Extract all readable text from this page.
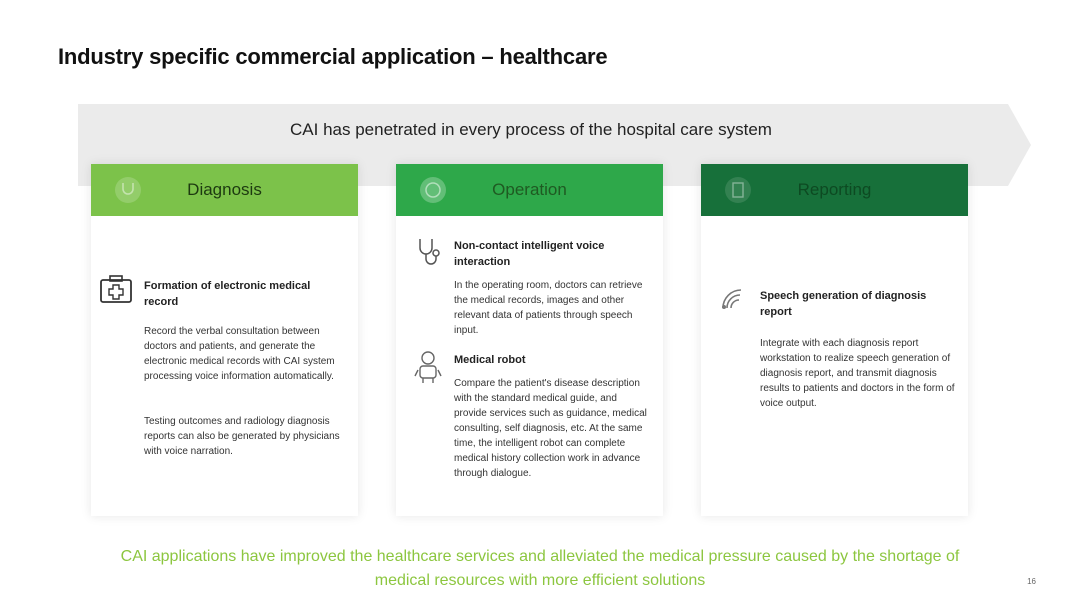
Industry specific commercial application – healthcare
CAI has penetrated in every process of the hospital care system
Diagnosis
Formation of electronic medical record
Record the verbal consultation between doctors and patients, and generate the electronic medical records with CAI system processing voice information automatically.
Testing outcomes and radiology diagnosis reports can also be generated by physicians with voice narration.
Operation
Non-contact intelligent voice interaction
In the operating room, doctors can retrieve the medical records, images and other relevant data of patients through speech input.
Medical robot
Compare the patient's disease description with the standard medical guide, and provide services such as guidance, medical consulting, self diagnosis, etc. At the same time, the intelligent robot can complete medical history collection work in advance through dialogue.
Reporting
Speech generation of diagnosis report
Integrate with each diagnosis report workstation to realize speech generation of diagnosis report, and transmit diagnosis results to patients and doctors in the form of voice output.
CAI applications have improved the healthcare services and alleviated the medical pressure caused by the shortage of
medical resources with more efficient solutions	16
